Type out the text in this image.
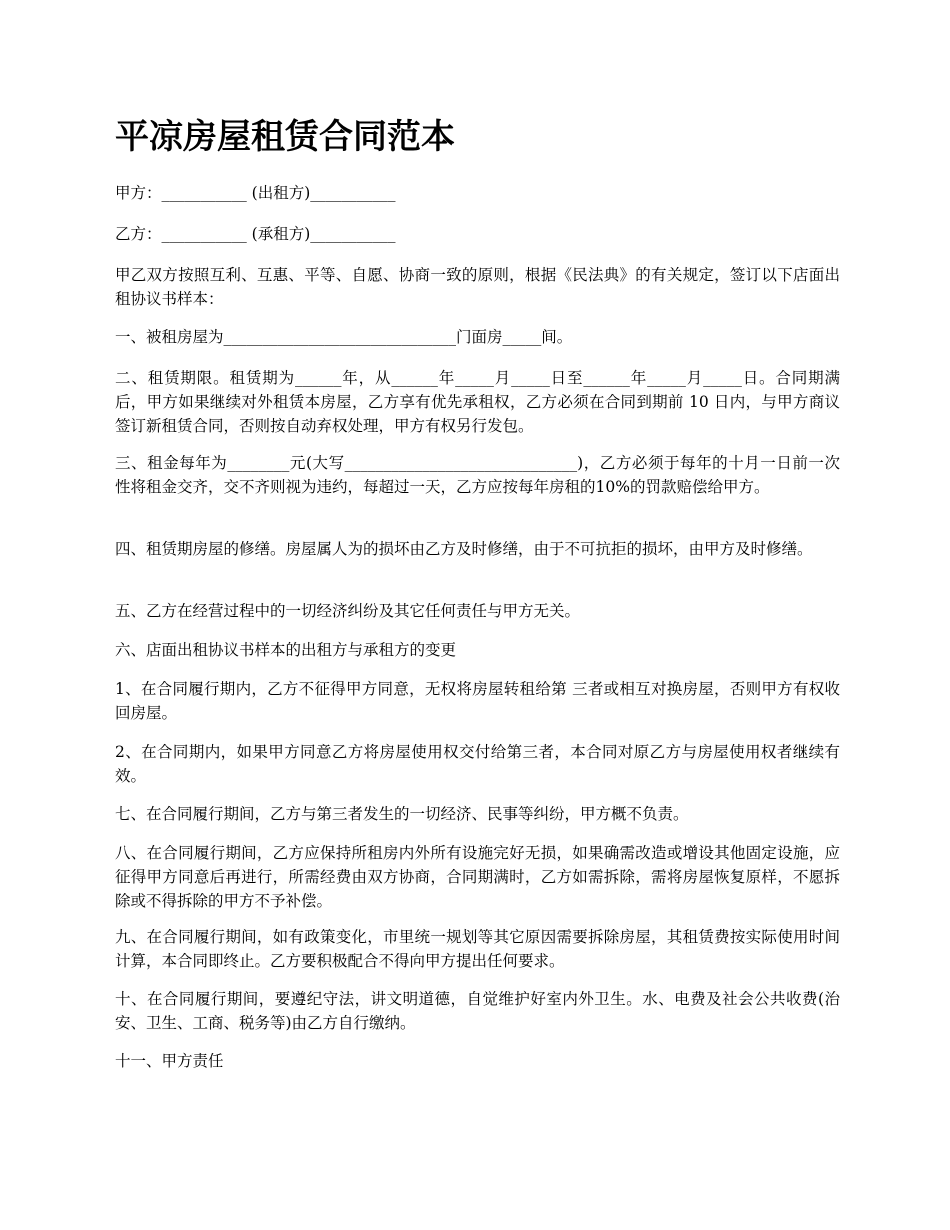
平凉房屋租赁合同范本

甲方：___________ (出租方)___________

乙方：___________ (承租方)___________

甲乙双方按照互利、互惠、平等、自愿、协商一致的原则，根据《民法典》的有关规定，签订以下店面出租协议书样本：

一、被租房屋为______________________________门面房_____间。

二、租赁期限。租赁期为______年，从______年_____月_____日至______年_____月_____日。合同期满后，甲方如果继续对外租赁本房屋，乙方享有优先承租权，乙方必须在合同到期前 10 日内，与甲方商议签订新租赁合同，否则按自动弃权处理，甲方有权另行发包。

三、租金每年为________元(大写______________________________)，乙方必须于每年的十月一日前一次性将租金交齐，交不齐则视为违约，每超过一天，乙方应按每年房租的10%的罚款赔偿给甲方。

四、租赁期房屋的修缮。房屋属人为的损坏由乙方及时修缮，由于不可抗拒的损坏，由甲方及时修缮。

五、乙方在经营过程中的一切经济纠纷及其它任何责任与甲方无关。

六、店面出租协议书样本的出租方与承租方的变更

1、在合同履行期内，乙方不征得甲方同意，无权将房屋转租给第 三者或相互对换房屋，否则甲方有权收回房屋。

2、在合同期内，如果甲方同意乙方将房屋使用权交付给第三者，本合同对原乙方与房屋使用权者继续有效。

七、在合同履行期间，乙方与第三者发生的一切经济、民事等纠纷，甲方概不负责。

八、在合同履行期间，乙方应保持所租房内外所有设施完好无损，如果确需改造或增设其他固定设施，应征得甲方同意后再进行，所需经费由双方协商，合同期满时，乙方如需拆除，需将房屋恢复原样，不愿拆除或不得拆除的甲方不予补偿。

九、在合同履行期间，如有政策变化，市里统一规划等其它原因需要拆除房屋，其租赁费按实际使用时间计算，本合同即终止。乙方要积极配合不得向甲方提出任何要求。

十、在合同履行期间，要遵纪守法，讲文明道德，自觉维护好室内外卫生。水、电费及社会公共收费(治安、卫生、工商、税务等)由乙方自行缴纳。

十一、甲方责任
